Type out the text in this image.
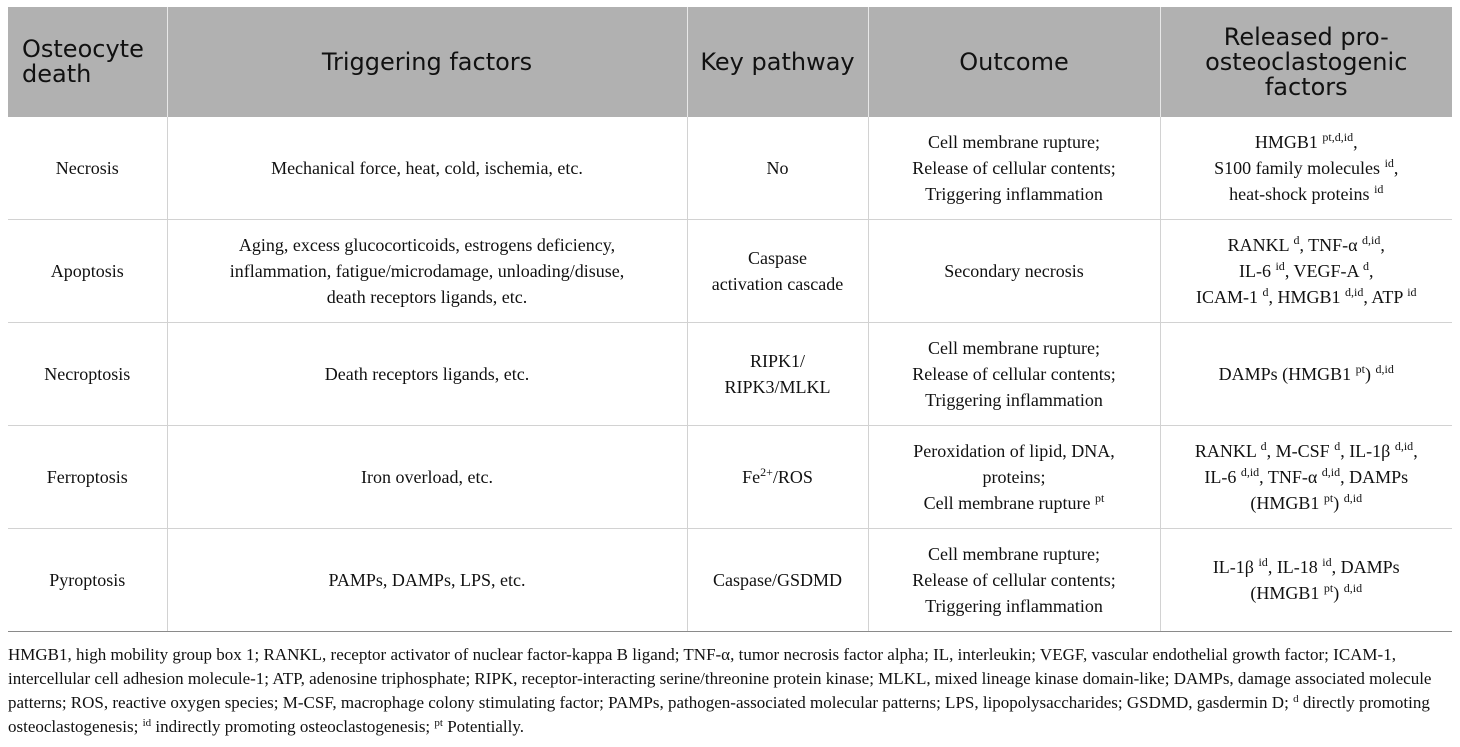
Osteocyte
death	Triggering factors	Key pathway	Outcome	Released pro-
osteoclastogenic
factors

Necrosis	Mechanical force, heat, cold, ischemia, etc.	No	Cell membrane rupture;
Release of cellular contents;
Triggering inflammation	HMGB1 $^{pt,d,id}$,
S100 family molecules $^{id}$,
heat-shock proteins $^{id}$

Apoptosis	Aging, excess glucocorticoids, estrogens deficiency,
inflammation, fatigue/microdamage, unloading/disuse,
death receptors ligands, etc.	Caspase
activation cascade	Secondary necrosis	RANKL $^d$, TNF-α $^{d,id}$,
IL-6 $^{id}$, VEGF-A $^d$,
ICAM-1 $^d$, HMGB1 $^{d,id}$, ATP $^{id}$

Necroptosis	Death receptors ligands, etc.	RIPK1/
RIPK3/MLKL	Cell membrane rupture;
Release of cellular contents;
Triggering inflammation	DAMPs (HMGB1 $^{pt}$) $^{d,id}$

Ferroptosis	Iron overload, etc.	$Fe^{2+}$/ROS	Peroxidation of lipid, DNA,
proteins;
Cell membrane rupture $^{pt}$	RANKL $^d$, M-CSF $^d$, IL-1β $^{d,id}$,
IL-6 $^{d,id}$, TNF-α $^{d,id}$, DAMPs
(HMGB1 $^{pt}$) $^{d,id}$

Pyroptosis	PAMPs, DAMPs, LPS, etc.	Caspase/GSDMD	Cell membrane rupture;
Release of cellular contents;
Triggering inflammation	IL-1β $^{id}$, IL-18 $^{id}$, DAMPs
(HMGB1 $^{pt}$) $^{d,id}$
HMGB1, high mobility group box 1; RANKL, receptor activator of nuclear factor-kappa B ligand; TNF-α, tumor necrosis factor alpha; IL, interleukin; VEGF, vascular endothelial growth factor; ICAM-1, intercellular cell adhesion molecule-1; ATP, adenosine triphosphate; RIPK, receptor-interacting serine/threonine protein kinase; MLKL, mixed lineage kinase domain-like; DAMPs, damage associated molecule patterns; ROS, reactive oxygen species; M-CSF, macrophage colony stimulating factor; PAMPs, pathogen-associated molecular patterns; LPS, lipopolysaccharides; GSDMD, gasdermin D; $^d$ directly promoting osteoclastogenesis; $^{id}$ indirectly promoting osteoclastogenesis; $^{pt}$ Potentially.
